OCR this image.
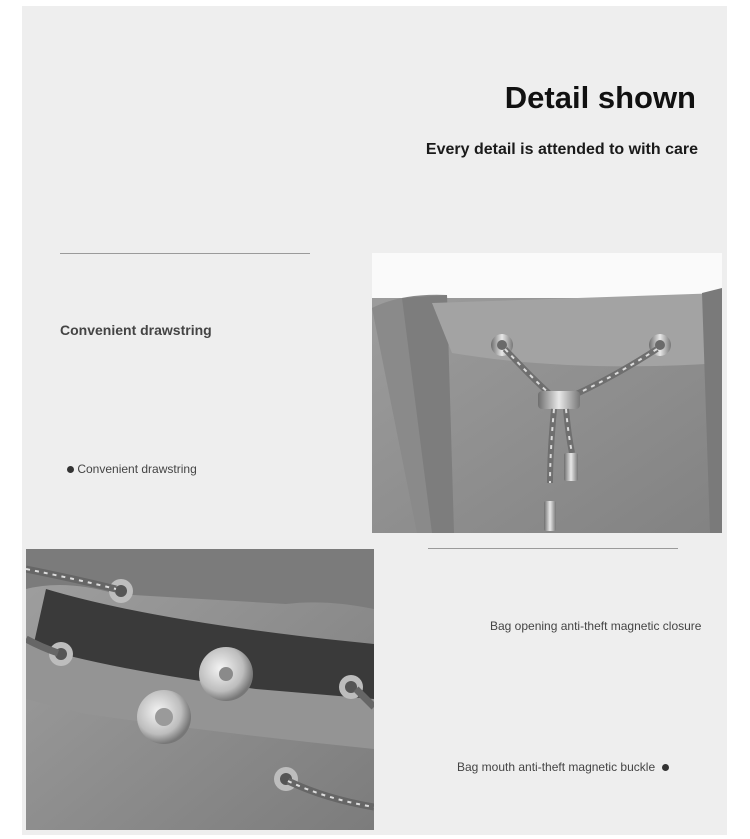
Detail shown
Every detail is attended to with care
Convenient drawstring
Convenient drawstring
Bag opening anti-theft magnetic closure
Bag mouth anti-theft magnetic buckle
